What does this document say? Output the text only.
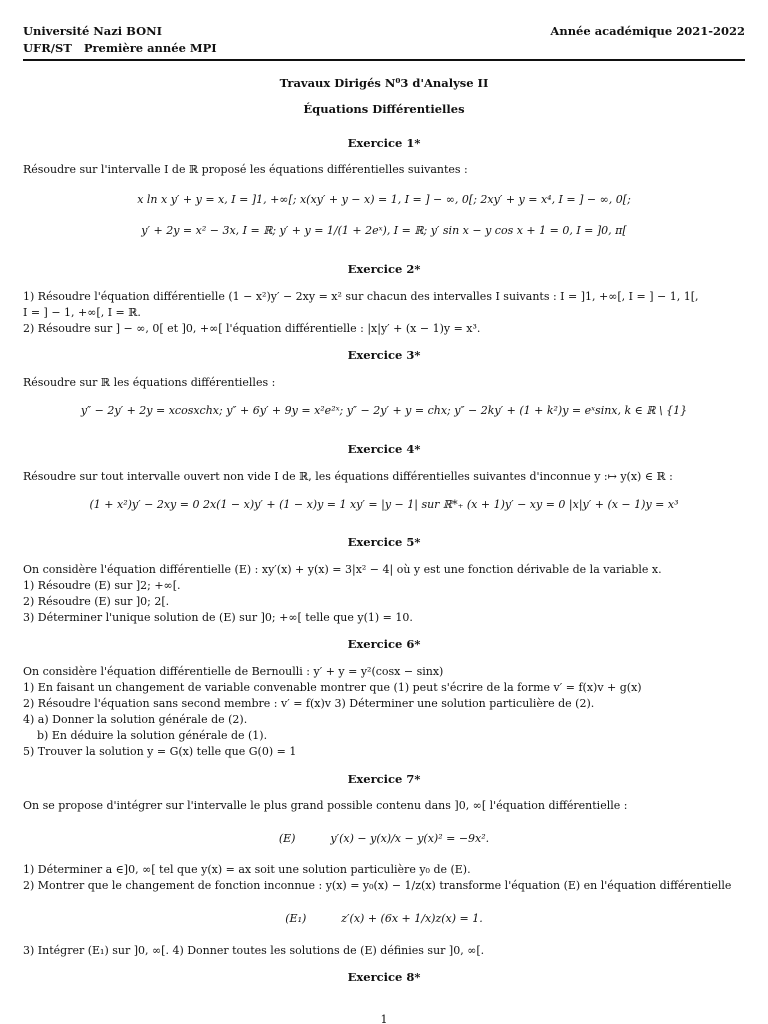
Université Nazi BONI	Année académique 2021-2022
UFR/ST   Première année MPI
Travaux Dirigés N⁰3 d'Analyse II
Équations Différentielles
Exercice 1*
Résoudre sur l'intervalle I de ℝ proposé les équations différentielles suivantes :
x ln x y′ + y = x, I = ]1, +∞[; x(xy′ + y − x) = 1, I = ] − ∞, 0[; 2xy′ + y = x⁴, I = ] − ∞, 0[;
y′ + 2y = x² − 3x, I = ℝ; y′ + y = 1/(1 + 2eˣ), I = ℝ; y′ sin x − y cos x + 1 = 0, I = ]0, π[
Exercice 2*
1) Résoudre l'équation différentielle (1 − x²)y′ − 2xy = x² sur chacun des intervalles I suivants : I = ]1, +∞[, I = ] − 1, 1[,
I = ] − 1, +∞[, I = ℝ.
2) Résoudre sur ] − ∞, 0[ et ]0, +∞[ l'équation différentielle : |x|y′ + (x − 1)y = x³.
Exercice 3*
Résoudre sur ℝ les équations différentielles :
y″ − 2y′ + 2y = xcosxchx; y″ + 6y′ + 9y = x²e²ˣ; y″ − 2y′ + y = chx; y″ − 2ky′ + (1 + k²)y = eˣsinx, k ∈ ℝ \ {1}
Exercice 4*
Résoudre sur tout intervalle ouvert non vide I de ℝ, les équations différentielles suivantes d'inconnue y :↦ y(x) ∈ ℝ :
(1 + x²)y′ − 2xy = 0 2x(1 − x)y′ + (1 − x)y = 1 xy′ = |y − 1| sur ℝ*₊ (x + 1)y′ − xy = 0 |x|y′ + (x − 1)y = x³
Exercice 5*
On considère l'équation différentielle (E) : xy′(x) + y(x) = 3|x² − 4| où y est une fonction dérivable de la variable x.
1) Résoudre (E) sur ]2; +∞[.
2) Résoudre (E) sur ]0; 2[.
3) Déterminer l'unique solution de (E) sur ]0; +∞[ telle que y(1) = 10.
Exercice 6*
On considère l'équation différentielle de Bernoulli : y′ + y = y²(cosx − sinx)
1) En faisant un changement de variable convenable montrer que (1) peut s'écrire de la forme v′ = f(x)v + g(x)
2) Résoudre l'équation sans second membre : v′ = f(x)v 3) Déterminer une solution particulière de (2).
4) a) Donner la solution générale de (2).
b) En déduire la solution générale de (1).
5) Trouver la solution y = G(x) telle que G(0) = 1
Exercice 7*
On se propose d'intégrer sur l'intervalle le plus grand possible contenu dans ]0, ∞[ l'équation différentielle :
(E)          y′(x) − y(x)/x − y(x)² = −9x².
1) Déterminer a ∈]0, ∞[ tel que y(x) = ax soit une solution particulière y₀ de (E).
2) Montrer que le changement de fonction inconnue : y(x) = y₀(x) − 1/z(x) transforme l'équation (E) en l'équation différentielle
(E₁)          z′(x) + (6x + 1/x)z(x) = 1.
3) Intégrer (E₁) sur ]0, ∞[. 4) Donner toutes les solutions de (E) définies sur ]0, ∞[.
Exercice 8*
1
